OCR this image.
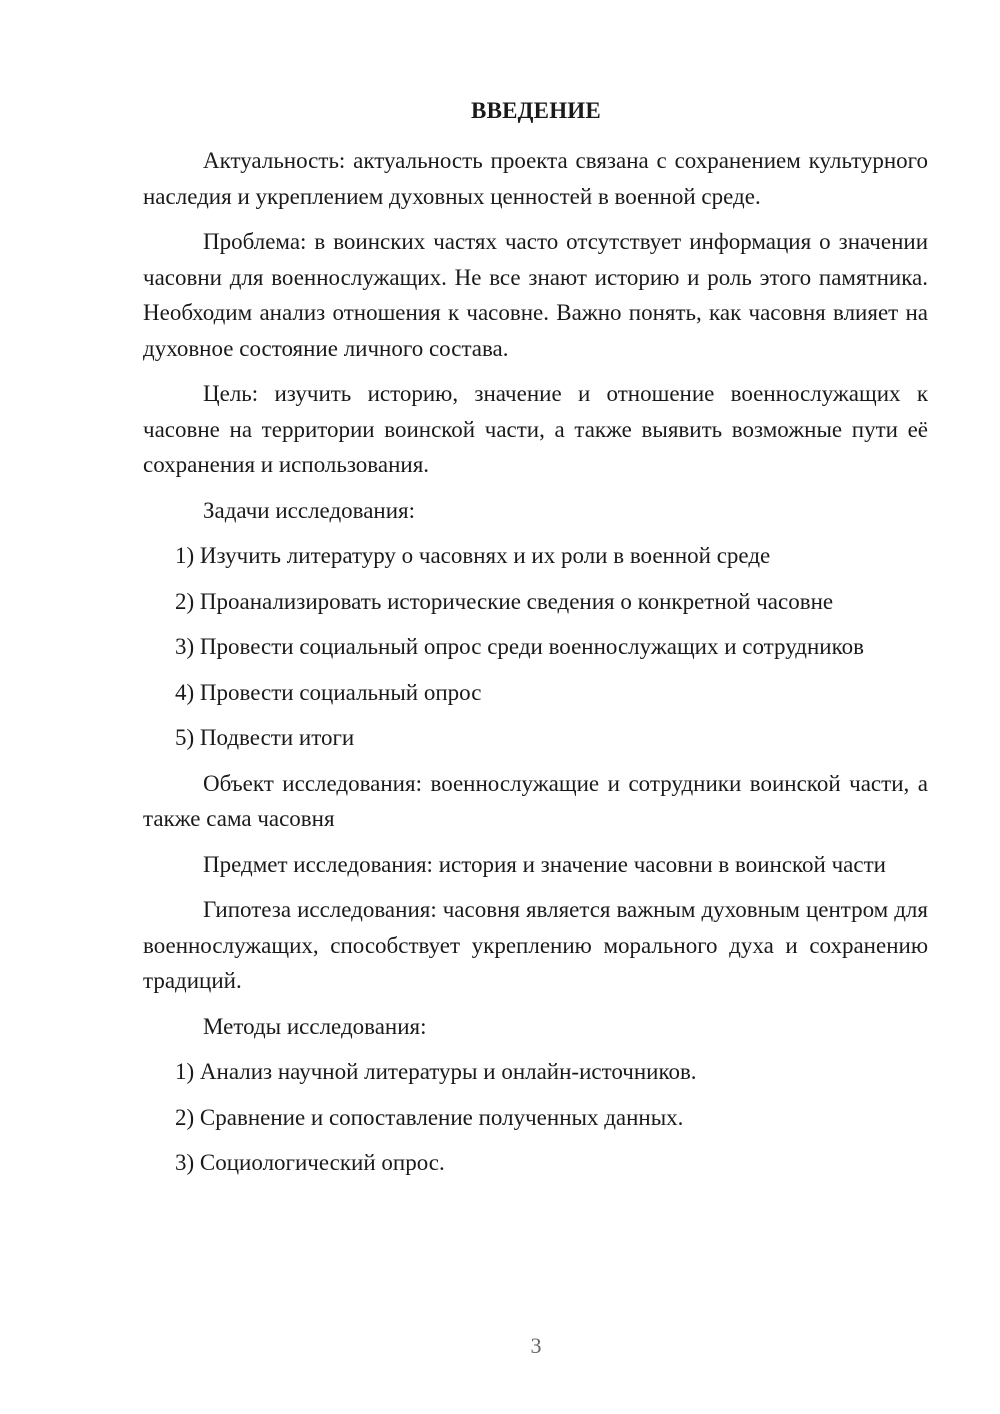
ВВЕДЕНИЕ

Актуальность: актуальность проекта связана с сохранением культурного наследия и укреплением духовных ценностей в военной среде.

Проблема: в воинских частях часто отсутствует информация о значении часовни для военнослужащих. Не все знают историю и роль этого памятника. Необходим анализ отношения к часовне. Важно понять, как часовня влияет на духовное состояние личного состава.

Цель: изучить историю, значение и отношение военнослужащих к часовне на территории воинской части, а также выявить возможные пути её сохранения и использования.

Задачи исследования:

1) Изучить литературу о часовнях и их роли в военной среде
2) Проанализировать исторические сведения о конкретной часовне
3) Провести социальный опрос среди военнослужащих и сотрудников
4) Провести социальный опрос
5) Подвести итоги

Объект исследования: военнослужащие и сотрудники воинской части, а также сама часовня

Предмет исследования: история и значение часовни в воинской части

Гипотеза исследования: часовня является важным духовным центром для военнослужащих, способствует укреплению морального духа и сохранению традиций.

Методы исследования:

1) Анализ научной литературы и онлайн-источников.
2) Сравнение и сопоставление полученных данных.
3) Социологический опрос.
3
